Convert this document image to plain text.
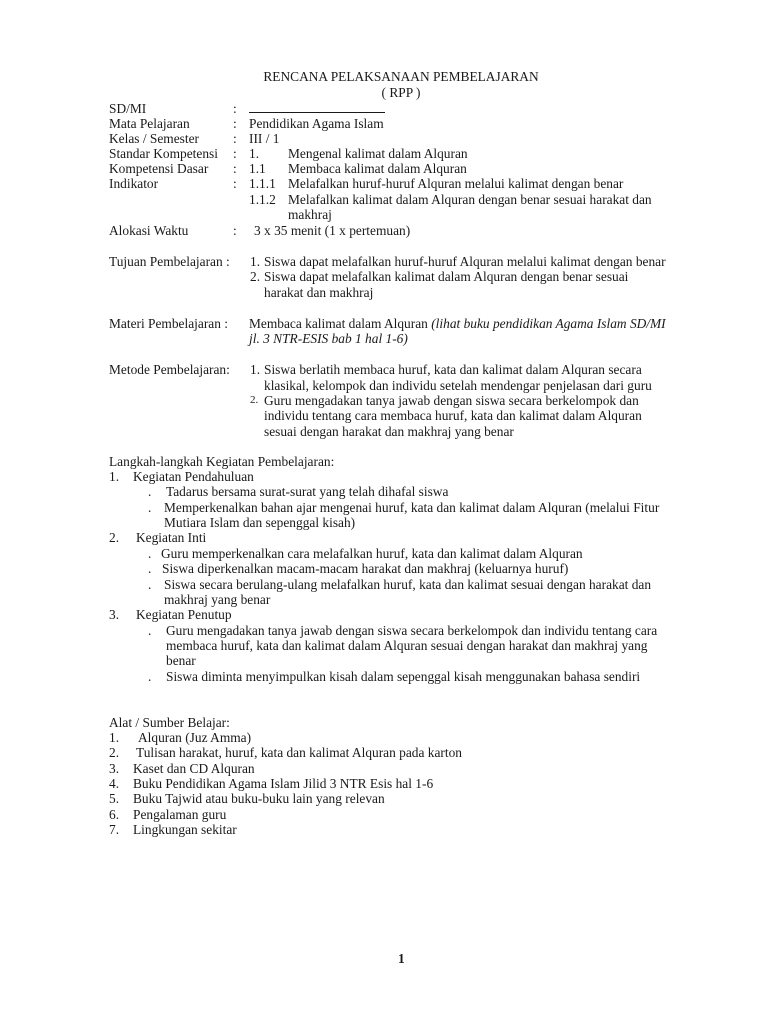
RENCANA PELAKSANAAN PEMBELAJARAN
( RPP )
SD/MI	:
Mata Pelajaran	: Pendidikan Agama Islam
Kelas / Semester	: III / 1
Standar Kompetensi : 1. Mengenal kalimat dalam Alquran
Kompetensi Dasar : 1.1 Membaca kalimat dalam Alquran
Indikator	: 1.1.1 Melafalkan huruf-huruf Alquran melalui kalimat dengan benar
1.1.2 Melafalkan kalimat dalam Alquran dengan benar sesuai harakat dan
makhraj
Alokasi Waktu	: 3 x 35 menit (1 x pertemuan)
Tujuan Pembelajaran : 1. Siswa dapat melafalkan huruf-huruf Alquran melalui kalimat dengan benar
2. Siswa dapat melafalkan kalimat dalam Alquran dengan benar sesuai
harakat dan makhraj
Materi Pembelajaran : Membaca kalimat dalam Alquran (lihat buku pendidikan Agama Islam SD/MI
jl. 3 NTR-ESIS bab 1 hal 1-6)
Metode Pembelajaran: 1. Siswa berlatih membaca huruf, kata dan kalimat dalam Alquran secara
klasikal, kelompok dan individu setelah mendengar penjelasan dari guru
2. Guru mengadakan tanya jawab dengan siswa secara berkelompok dan
individu tentang cara membaca huruf, kata dan kalimat dalam Alquran
sesuai dengan harakat dan makhraj yang benar
Langkah-langkah Kegiatan Pembelajaran:
1. Kegiatan Pendahuluan
. Tadarus bersama surat-surat yang telah dihafal siswa
. Memperkenalkan bahan ajar mengenai huruf, kata dan kalimat dalam Alquran (melalui Fitur
Mutiara Islam dan sepenggal kisah)
2. Kegiatan Inti
. Guru memperkenalkan cara melafalkan huruf, kata dan kalimat dalam Alquran
. Siswa diperkenalkan macam-macam harakat dan makhraj (keluarnya huruf)
. Siswa secara berulang-ulang melafalkan huruf, kata dan kalimat sesuai dengan harakat dan
makhraj yang benar
3. Kegiatan Penutup
. Guru mengadakan tanya jawab dengan siswa secara berkelompok dan individu tentang cara
membaca huruf, kata dan kalimat dalam Alquran sesuai dengan harakat dan makhraj yang
benar
. Siswa diminta menyimpulkan kisah dalam sepenggal kisah menggunakan bahasa sendiri
Alat / Sumber Belajar:
1. Alquran (Juz Amma)
2. Tulisan harakat, huruf, kata dan kalimat Alquran pada karton
3. Kaset dan CD Alquran
4. Buku Pendidikan Agama Islam Jilid 3 NTR Esis hal 1-6
5. Buku Tajwid atau buku-buku lain yang relevan
6. Pengalaman guru
7. Lingkungan sekitar
1
